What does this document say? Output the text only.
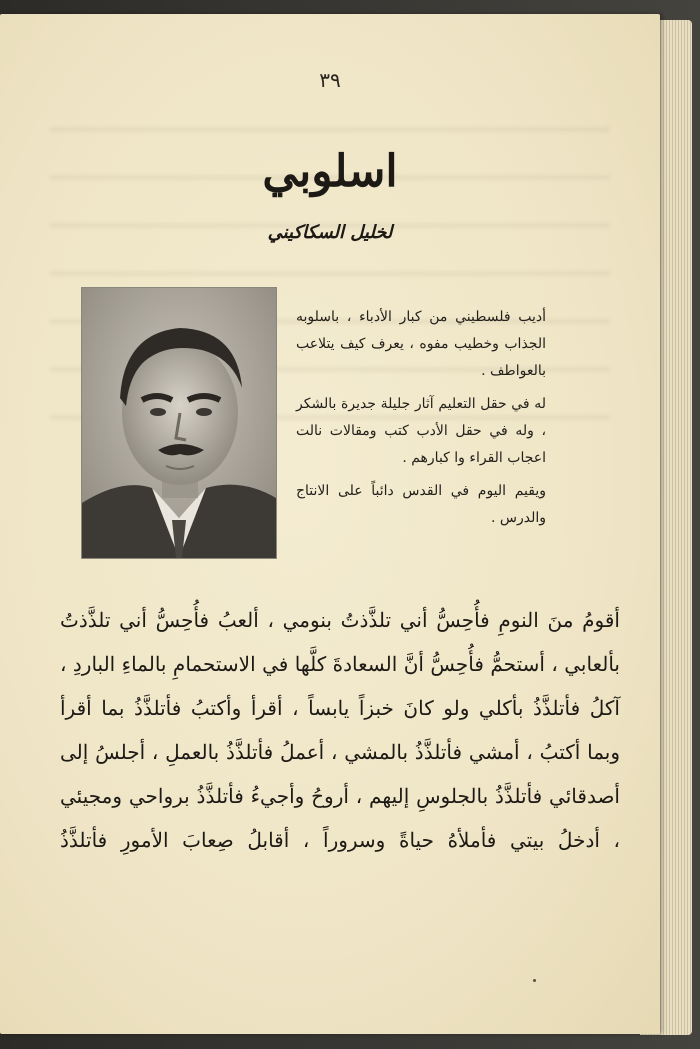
٣٩
اسلوبي
لخليل السكاكيني

أديب فلسطيني من كبار الأدباء ، باسلوبه الجذاب وخطيب مفوه ، يعرف كيف يتلاعب بالعواطف .

له في حقل التعليم آثار جليلة جديرة بالشكر ، وله في حقل الأدب كتب ومقالات نالت اعجاب القراء وا كبارهم .

ويقيم اليوم في القدس دائباً على الانتاج والدرس .

أقومُ منَ النومِ فأُحِسُّ أني تلذَّذتُ بنومي ، ألعبُ فأُحِسُّ أني تلذَّذتُ بألعابي ، أستحمُّ فأُحِسُّ أنَّ السعادةَ كلَّها في الاستحمامِ بالماءِ الباردِ ، آكلُ فأتلذَّذُ بأكلي ولو كانَ خبزاً يابساً ، أقرأ وأكتبُ فأتلذَّذُ بما أقرأ وبما أكتبُ ، أمشي فأتلذَّذُ بالمشي ، أعملُ فأتلذَّذُ بالعملِ ، أجلسُ إلى أصدقائي فأتلذَّذُ بالجلوسِ إليهم ، أروحُ وأجيءُ فأتلذَّذُ برواحي ومجيئي ، أدخلُ بيتي فأملأهُ حياةً وسروراً ، أقابلُ صِعابَ الأمورِ فأتلذَّذُ
